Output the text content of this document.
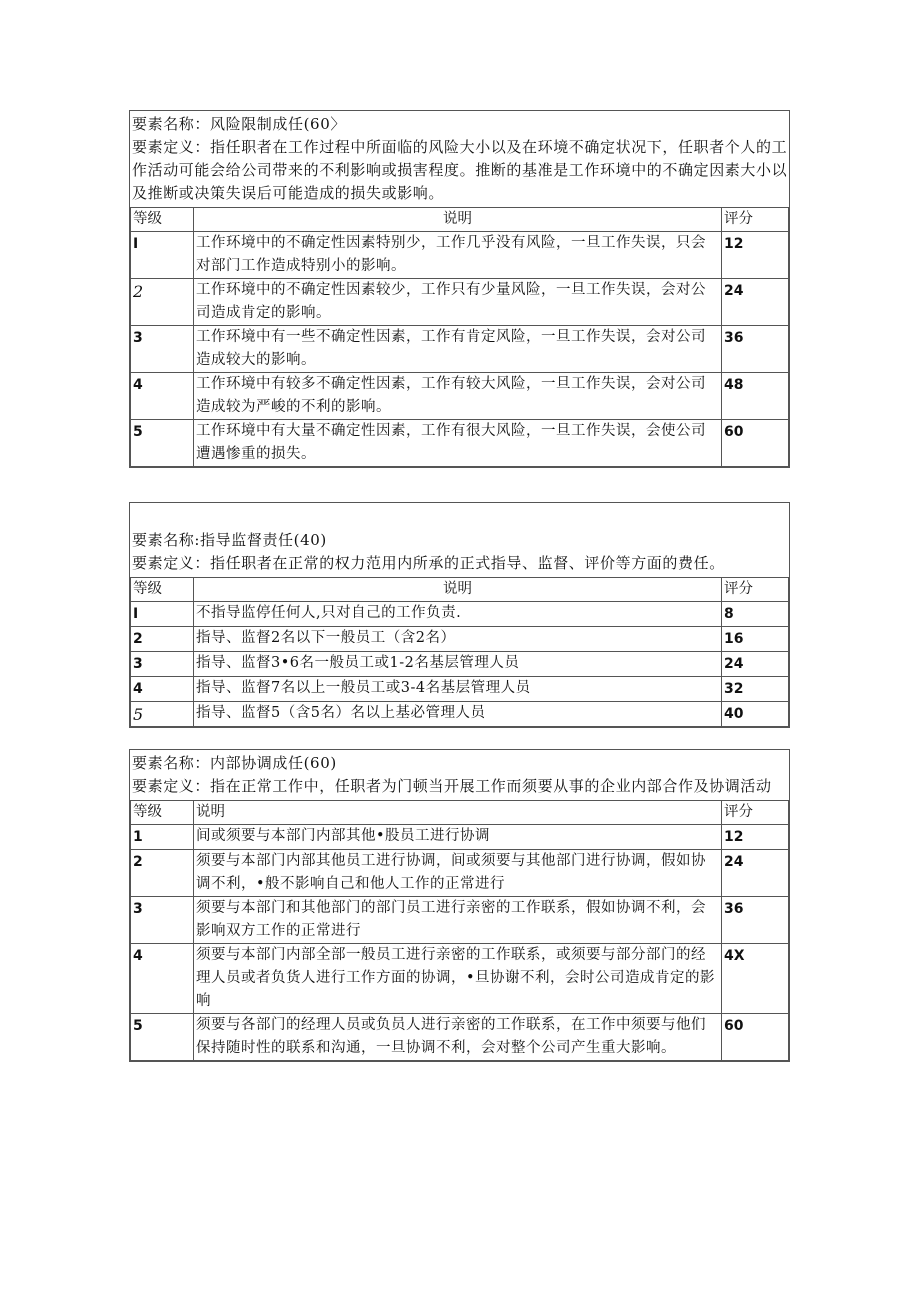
要素名称：风险限制成任(60〉
要素定义：指任职者在工作过程中所面临的风险大小以及在环境不确定状况下，任职者个人的工作活动可能会给公司带来的不利影响或损害程度。推断的基准是工作环境中的不确定因素大小以及推断或决策失误后可能造成的损失或影响。
等级	说明	评分
I	工作环境中的不确定性因素特别少，工作几乎没有风险，一旦工作失误，只会对部门工作造成特别小的影响。	12
2	工作环境中的不确定性因素较少，工作只有少量风险，一旦工作失误，会对公司造成肯定的影响。	24
3	工作环境中有一些不确定性因素，工作有肯定风险，一旦工作失误，会对公司造成较大的影响。	36
4	工作环境中有较多不确定性因素，工作有较大风险，一旦工作失误，会对公司造成较为严峻的不利的影响。	48
5	工作环境中有大量不确定性因素，工作有很大风险，一旦工作失误，会使公司遭遇惨重的损失。	60
要素名称:指导监督责任(40)
要素定义：指任职者在正常的权力范用内所承的正式指导、监督、评价等方面的费任。
等级	说明	评分
I	不指导监停任何人,只对自己的工作负责.	8
2	指导、监督2名以下一般员工（含2名）	16
3	指导、监督3•6名一般员工或1-2名基层管理人员	24
4	指导、监督7名以上一般员工或3-4名基层管理人员	32
5	指导、监督5（含5名）名以上基必管理人员	40
要素名称：内部协调成任(60)
要素定义：指在正常工作中，任职者为门顿当开展工作而须要从事的企业内部合作及协调活动
等级	说明	评分
1	间或须要与本部门内部其他•股员工进行协调	12
2	须要与本部门内部其他员工进行协调，间或须要与其他部门进行协调，假如协调不利，•般不影响自己和他人工作的正常进行	24
3	须要与本部门和其他部门的部门员工进行亲密的工作联系，假如协调不利，会影响双方工作的正常进行	36
4	须要与本部门内部全部一般员工进行亲密的工作联系，或须要与部分部门的经理人员或者负货人进行工作方面的协调，•旦协谢不利，会时公司造成肯定的影响	4X
5	须要与各部门的经理人员或负员人进行亲密的工作联系，在工作中须要与他们保持随时性的联系和沟通，一旦协调不利，会对整个公司产生重大影响。	60
